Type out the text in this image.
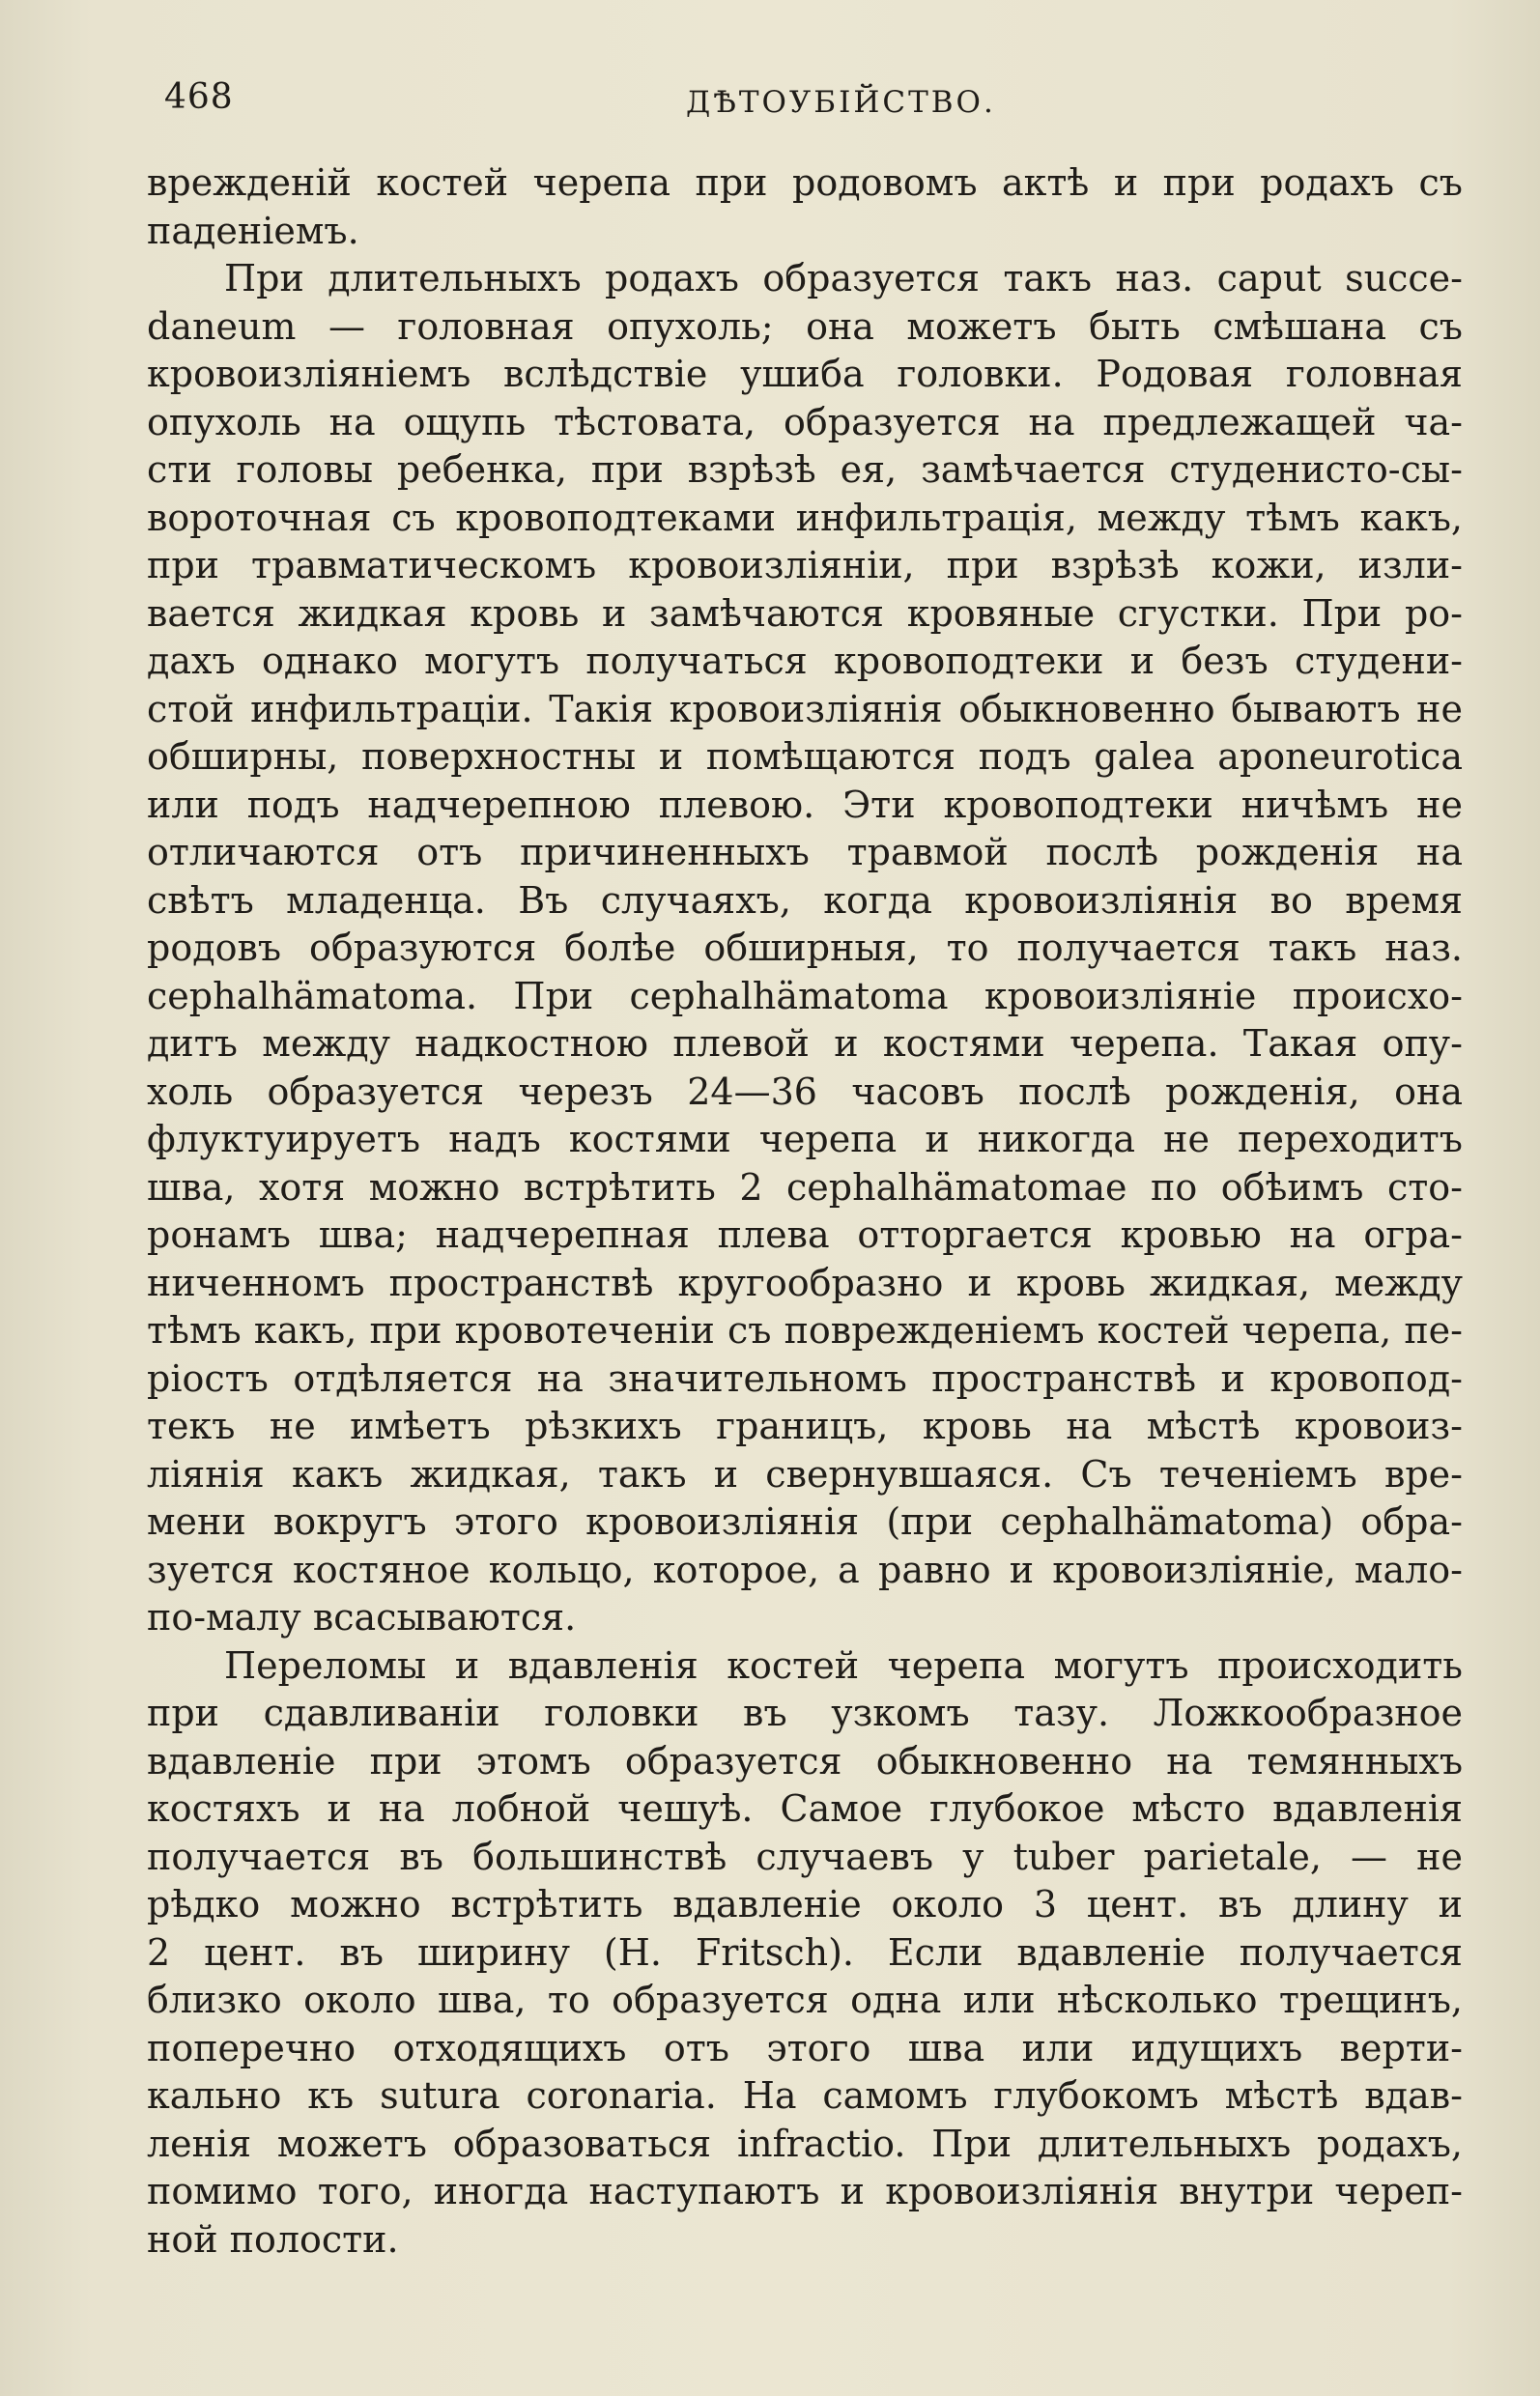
468	ДѢТОУБІЙСТВО.
врежденій костей черепа при родовомъ актѣ и при родахъ съ
паденіемъ.
При длительныхъ родахъ образуется такъ наз. caput succe-
daneum — головная опухоль; она можетъ быть смѣшана съ
кровоизліяніемъ вслѣдствіе ушиба головки. Родовая головная
опухоль на ощупь тѣстовата, образуется на предлежащей ча-
сти головы ребенка, при взрѣзѣ ея, замѣчается студенисто-сы-
вороточная съ кровоподтеками инфильтрація, между тѣмъ какъ,
при травматическомъ кровоизліяніи, при взрѣзѣ кожи, изли-
вается жидкая кровь и замѣчаются кровяные сгустки. При ро-
дахъ однако могутъ получаться кровоподтеки и безъ студени-
стой инфильтраціи. Такія кровоизліянія обыкновенно бываютъ не
обширны, поверхностны и помѣщаются подъ galea aponeurotica
или подъ надчерепною плевою. Эти кровоподтеки ничѣмъ не
отличаются отъ причиненныхъ травмой послѣ рожденія на
свѣтъ младенца. Въ случаяхъ, когда кровоизліянія во время
родовъ образуются болѣе обширныя, то получается такъ наз.
cephalhämatoma. При cephalhämatoma кровоизліяніе происхо-
дитъ между надкостною плевой и костями черепа. Такая опу-
холь образуется черезъ 24—36 часовъ послѣ рожденія, она
флуктуируетъ надъ костями черепа и никогда не переходитъ
шва, хотя можно встрѣтить 2 cephalhämatomae по обѣимъ сто-
ронамъ шва; надчерепная плева отторгается кровью на огра-
ниченномъ пространствѣ кругообразно и кровь жидкая, между
тѣмъ какъ, при кровотеченіи съ поврежденіемъ костей черепа, пе-
ріостъ отдѣляется на значительномъ пространствѣ и кровопод-
текъ не имѣетъ рѣзкихъ границъ, кровь на мѣстѣ кровоиз-
ліянія какъ жидкая, такъ и свернувшаяся. Съ теченіемъ вре-
мени вокругъ этого кровоизліянія (при cephalhämatoma) обра-
зуется костяное кольцо, которое, а равно и кровоизліяніе, мало-
по-малу всасываются.
Переломы и вдавленія костей черепа могутъ происходить
при сдавливаніи головки въ узкомъ тазу. Ложкообразное
вдавленіе при этомъ образуется обыкновенно на темянныхъ
костяхъ и на лобной чешуѣ. Самое глубокое мѣсто вдавленія
получается въ большинствѣ случаевъ у tuber parietale, — не
рѣдко можно встрѣтить вдавленіе около 3 цент. въ длину и
2 цент. въ ширину (H. Fritsch). Если вдавленіе получается
близко около шва, то образуется одна или нѣсколько трещинъ,
поперечно отходящихъ отъ этого шва или идущихъ верти-
кально къ sutura coronaria. На самомъ глубокомъ мѣстѣ вдав-
ленія можетъ образоваться infractio. При длительныхъ родахъ,
помимо того, иногда наступаютъ и кровоизліянія внутри череп-
ной полости.
